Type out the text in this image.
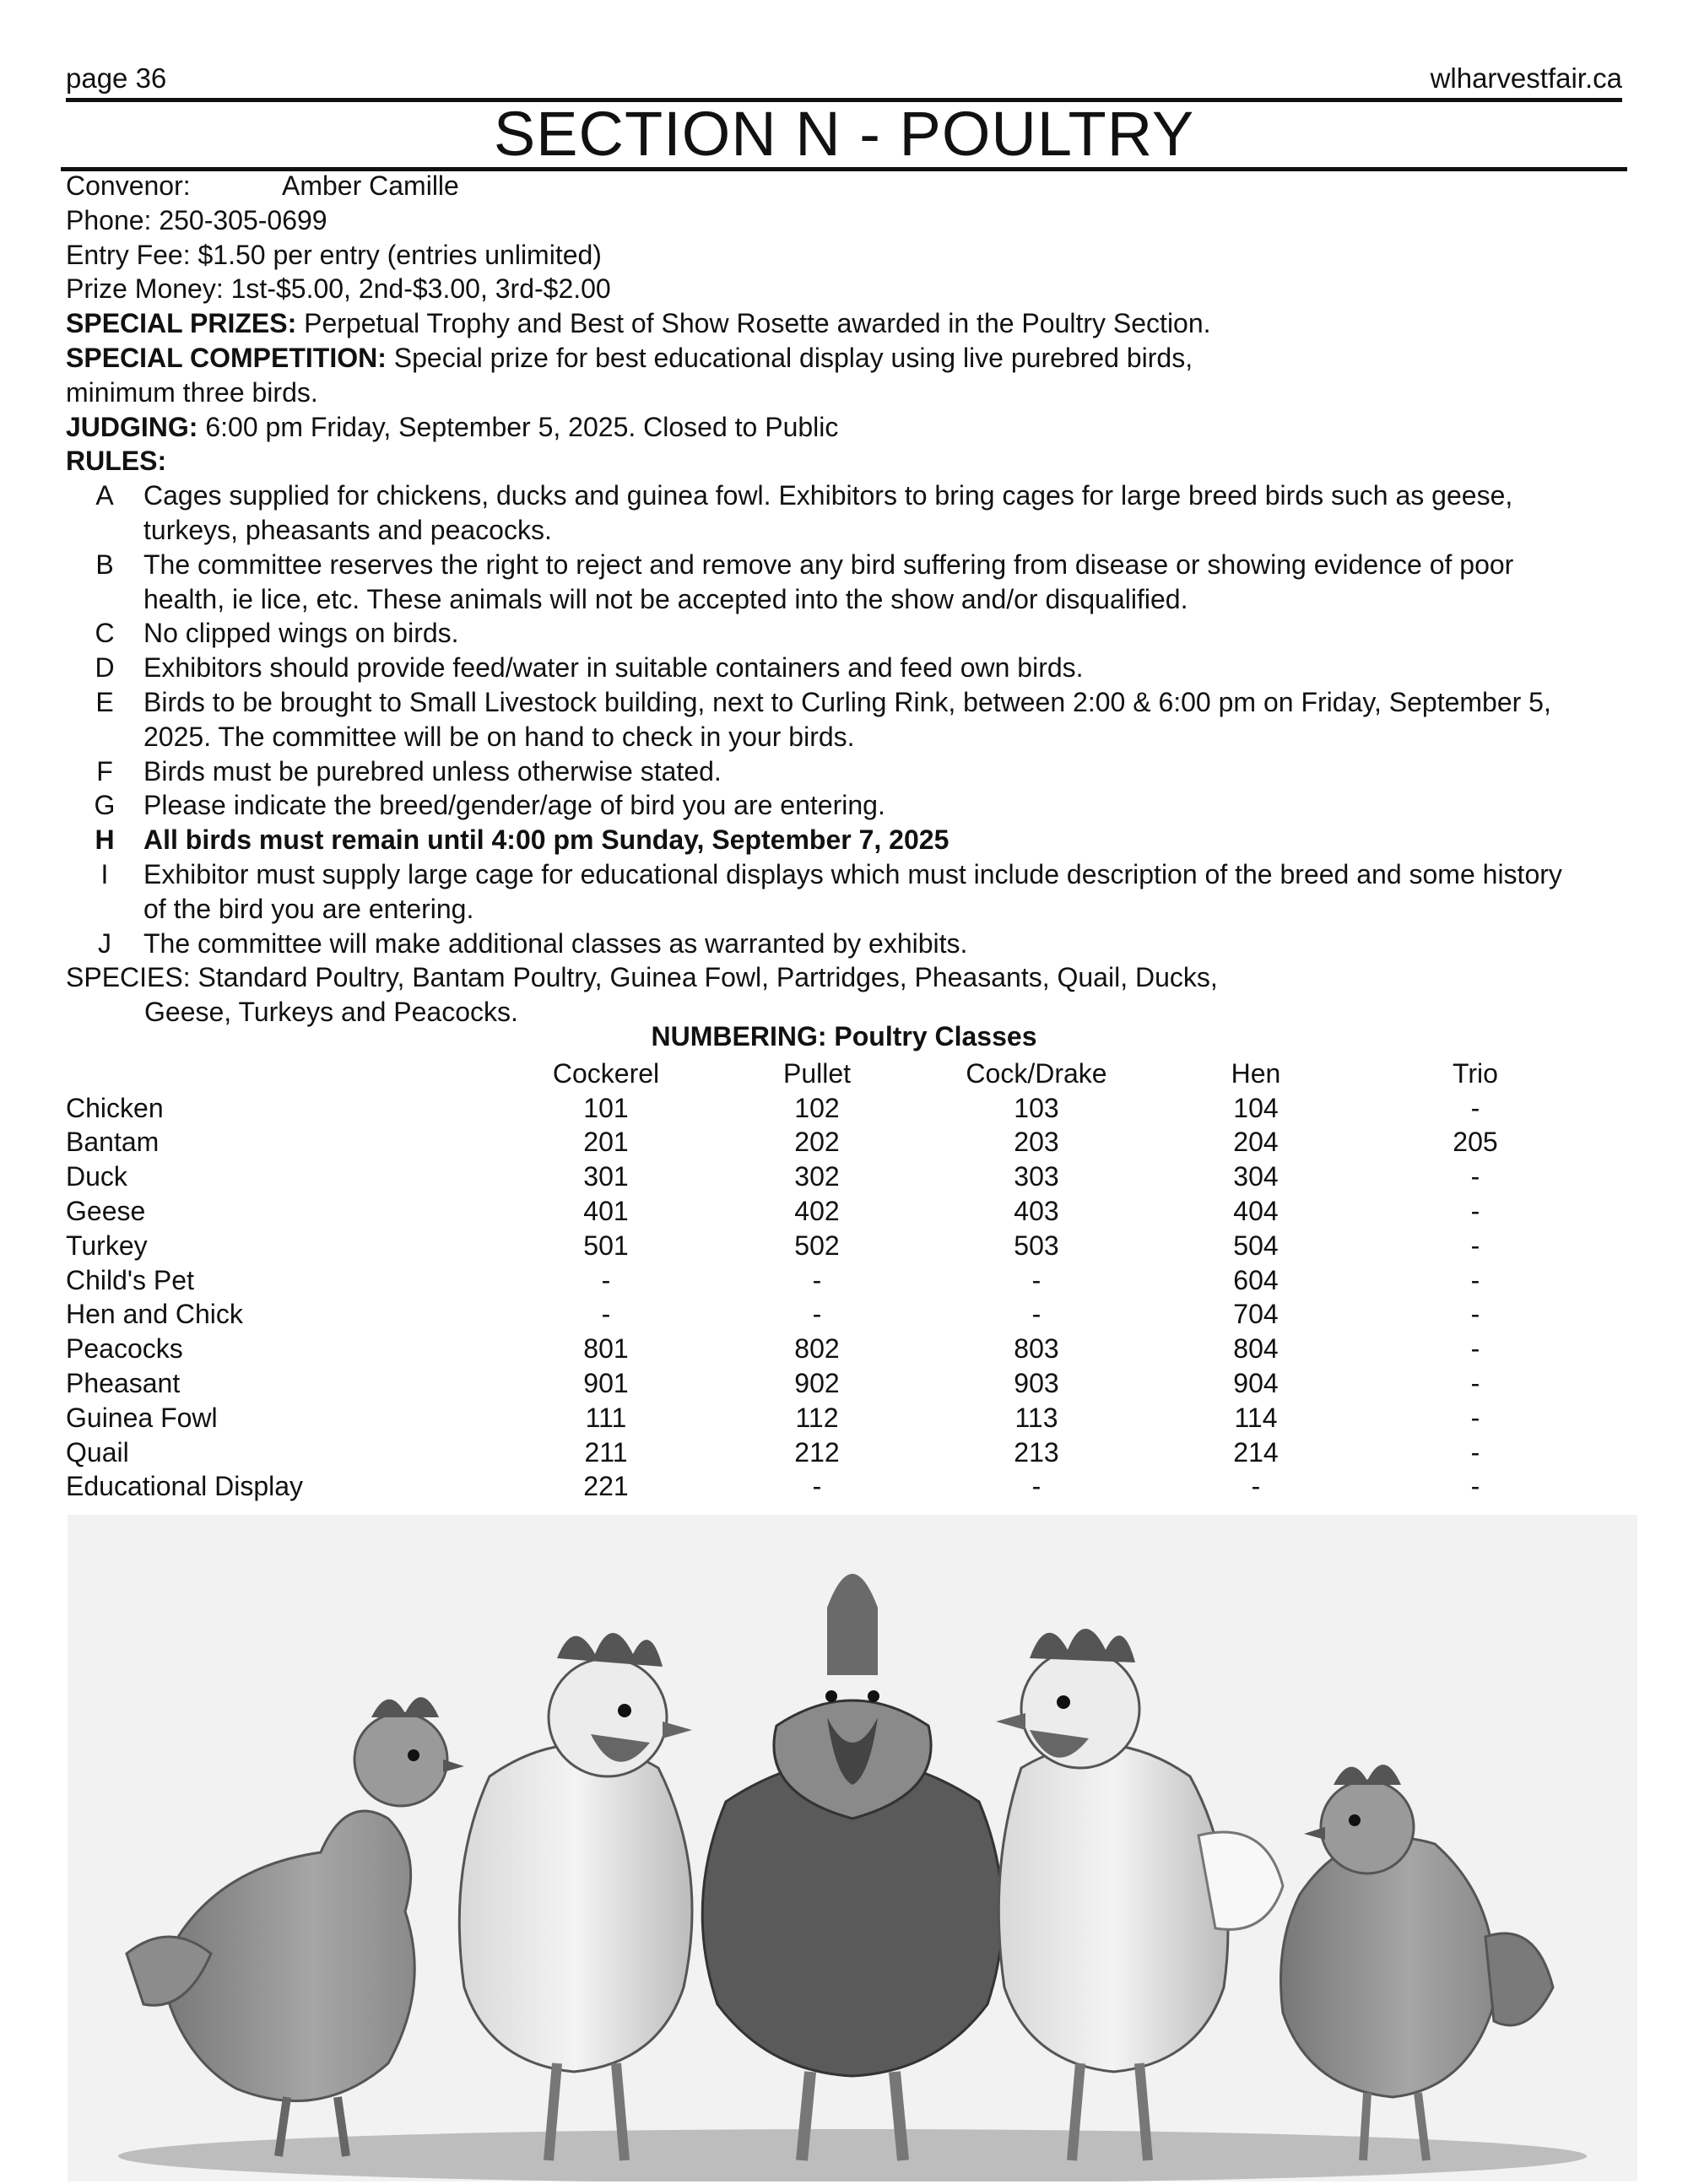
page 36	wlharvestfair.ca
SECTION N - POULTRY
Convenor:	Amber Camille
Phone: 250-305-0699
Entry Fee: $1.50 per entry (entries unlimited)
Prize Money: 1st-$5.00, 2nd-$3.00, 3rd-$2.00
SPECIAL PRIZES: Perpetual Trophy and Best of Show Rosette awarded in the Poultry Section.
SPECIAL COMPETITION: Special prize for best educational display using live purebred birds,
minimum three birds.
JUDGING: 6:00 pm Friday, September 5, 2025. Closed to Public
RULES:
A	Cages supplied for chickens, ducks and guinea fowl. Exhibitors to bring cages for large breed birds such as geese, turkeys, pheasants and peacocks.
B	The committee reserves the right to reject and remove any bird suffering from disease or showing evidence of poor health, ie lice, etc. These animals will not be accepted into the show and/or disqualified.
C	No clipped wings on birds.
D	Exhibitors should provide feed/water in suitable containers and feed own birds.
E	Birds to be brought to Small Livestock building, next to Curling Rink, between 2:00 & 6:00 pm on Friday, September 5, 2025. The committee will be on hand to check in your birds.
F	Birds must be purebred unless otherwise stated.
G	Please indicate the breed/gender/age of bird you are entering.
H	All birds must remain until 4:00 pm Sunday, September 7, 2025
I	Exhibitor must supply large cage for educational displays which must include description of the breed and some history of the bird you are entering.
J	The committee will make additional classes as warranted by exhibits.
SPECIES: Standard Poultry, Bantam Poultry, Guinea Fowl, Partridges, Pheasants, Quail, Ducks,
Geese, Turkeys and Peacocks.
NUMBERING: Poultry Classes
	Cockerel	Pullet	Cock/Drake	Hen	Trio
Chicken	101	102	103	104	-
Bantam	201	202	203	204	205
Duck	301	302	303	304	-
Geese	401	402	403	404	-
Turkey	501	502	503	504	-
Child's Pet	-	-	-	604	-
Hen and Chick	-	-	-	704	-
Peacocks	801	802	803	804	-
Pheasant	901	902	903	904	-
Guinea Fowl	111	112	113	114	-
Quail	211	212	213	214	-
Educational Display	221	-	-	-	-
